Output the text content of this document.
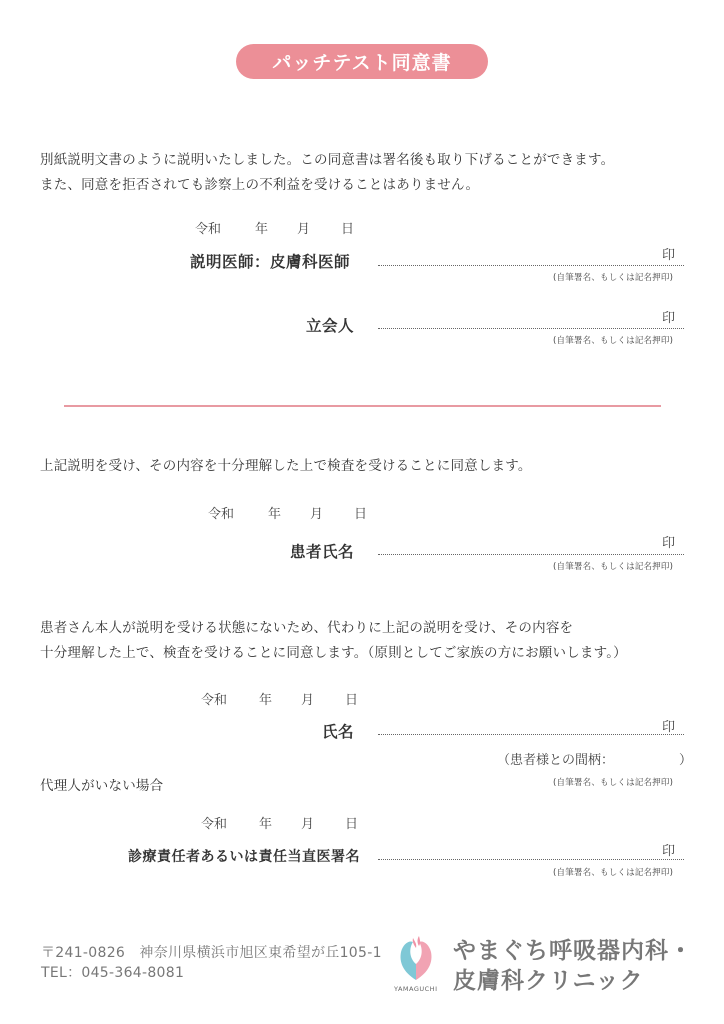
パッチテスト同意書
別紙説明文書のように説明いたしました。この同意書は署名後も取り下げることができます。
また、同意を拒否されても診察上の不利益を受けることはありません。
令和	年	月	日
説明医師：皮膚科医師	印
(自筆署名、もしくは記名押印)
立会人	印
(自筆署名、もしくは記名押印)
上記説明を受け、その内容を十分理解した上で検査を受けることに同意します。
令和	年	月	日
患者氏名	印
(自筆署名、もしくは記名押印)
患者さん本人が説明を受ける状態にないため、代わりに上記の説明を受け、その内容を
十分理解した上で、検査を受けることに同意します。（原則としてご家族の方にお願いします。）
令和	年	月	日
氏名	印
（患者様との間柄：	）
代理人がいない場合	(自筆署名、もしくは記名押印)
令和	年	月	日
診療責任者あるいは責任当直医署名	印
(自筆署名、もしくは記名押印)
〒241-0826　神奈川県横浜市旭区東希望が丘105-1
TEL：045-364-8081
YAMAGUCHI
やまぐち呼吸器内科・
皮膚科クリニック
